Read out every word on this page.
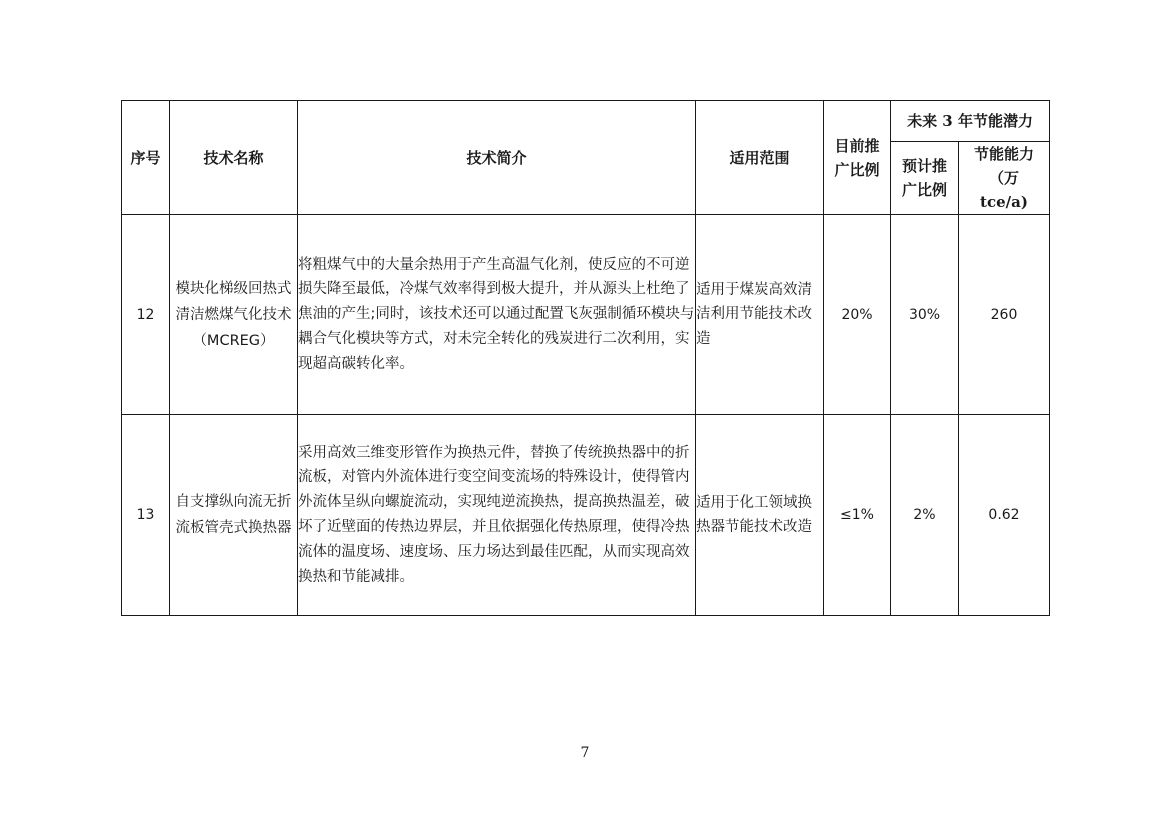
序号	技术名称	技术简介	适用范围	目前推广比例	未来 3 年节能潜力	
					预计推广比例	节能能力（万 tce/a)
12	模块化梯级回热式清洁燃煤气化技术（MCREG）	将粗煤气中的大量余热用于产生高温气化剂，使反应的不可逆损失降至最低，冷煤气效率得到极大提升，并从源头上杜绝了焦油的产生;同时，该技术还可以通过配置飞灰强制循环模块与耦合气化模块等方式，对未完全转化的残炭进行二次利用，实现超高碳转化率。	适用于煤炭高效清洁利用节能技术改造	20%	30%	260
13	自支撑纵向流无折流板管壳式换热器	采用高效三维变形管作为换热元件，替换了传统换热器中的折流板，对管内外流体进行变空间变流场的特殊设计，使得管内外流体呈纵向螺旋流动，实现纯逆流换热，提高换热温差，破坏了近壁面的传热边界层，并且依据强化传热原理，使得冷热流体的温度场、速度场、压力场达到最佳匹配，从而实现高效换热和节能减排。	适用于化工领域换热器节能技术改造	≤1%	2%	0.62
7
